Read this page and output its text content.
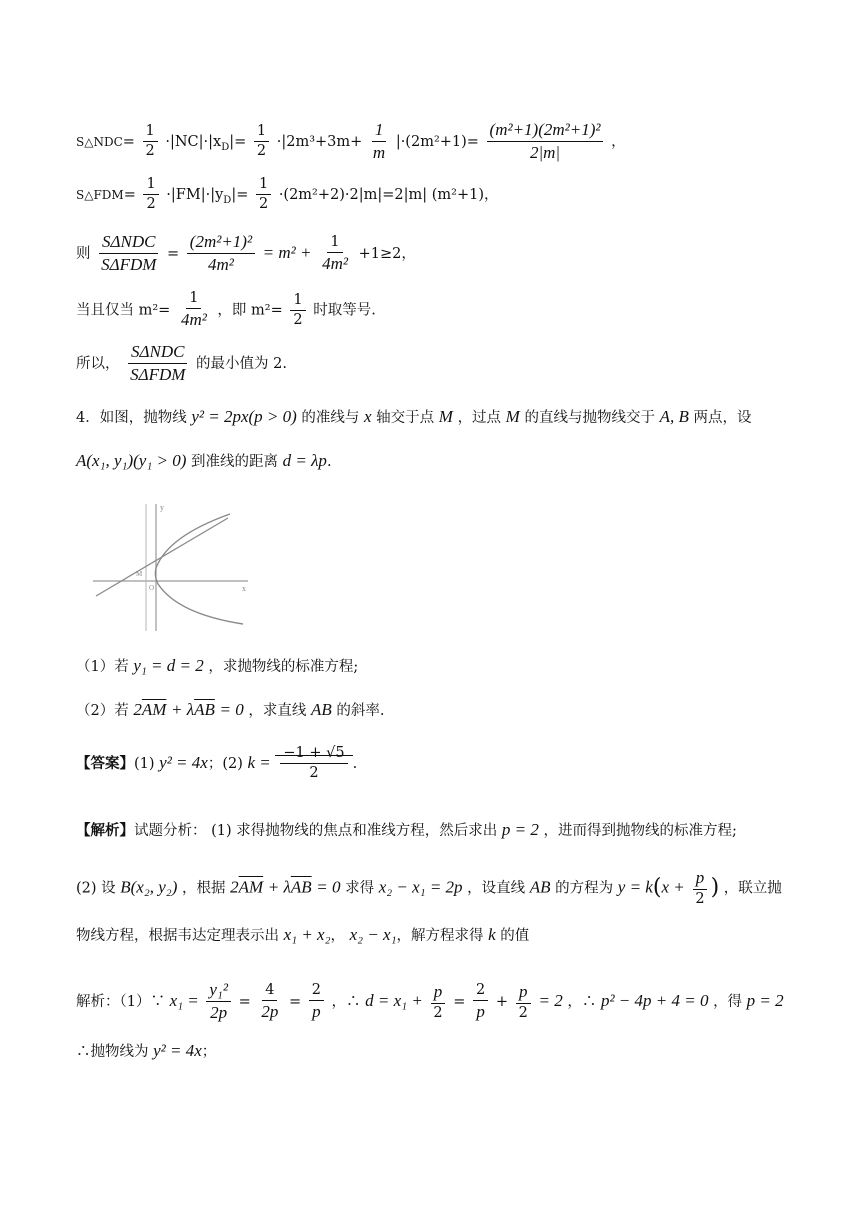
S△NDC= $\frac{1}{2} \cdot|NC|\cdot|x_D|= \frac{1}{2} \cdot|2m^3+3m+ \frac{1}{m} |\cdot(2m^2+1)= \frac{\text{(m²+1)(2m²+1)²}}{2|m|}$ ，
S△FDM= $\frac{1}{2} \cdot|FM|\cdot|y_D|= \frac{1}{2} \cdot(2m^2+2)\cdot 2|m|=2|m|$ (m²+1)，
则 $\frac{\text{SΔNDC}}{\text{SΔFDM}} = \frac{\text{(2m²+1)²}}{\text{4m²}} = m^2 + \frac{1}{\text{4m²}} +1\ge 2$，
当且仅当 $m^2= \frac{1}{\text{4m²}}$ ，即 $m^2= \frac{1}{2}$ 时取等号.
所以， $\frac{\text{SΔNDC}}{\text{SΔFDM}}$ 的最小值为 2.
4．如图，抛物线 y² = 2px(p > 0) 的准线与 x 轴交于点 M ，过点 M 的直线与抛物线交于 A, B 两点，设
A(x₁, y₁)(y₁ > 0) 到准线的距离 d = λp.
x
y
M
O
（1）若 y₁ = d = 2 ，求抛物线的标准方程;
（2）若 $2\overline{AM} + \lambda\overline{AB} = 0$ ，求直线 AB 的斜率.
【答案】(1) y² = 4x；(2) $k = \frac{-1 + √5}{2}$ .
【解析】试题分析： (1) 求得抛物线的焦点和准线方程，然后求出 p = 2 ，进而得到抛物线的标准方程;
(2) 设 B(x₂, y₂) ，根据 $2\overline{AM} + \lambda\overline{AB} = 0$ 求得 x₂ − x₁ = 2p ，设直线 AB 的方程为 $y = k(x + \frac{p}{2}$ ) ，联立抛
物线方程，根据韦达定理表示出 x₁ + x₂， x₂ − x₁，解方程求得 k 的值
解析：（1）∵ $x_1 = \frac{\text{y₁²}}{2p} = \frac{4}{2p} = \frac{2}{p}$ ，∴ $d = x_1 + \frac{p}{2} = \frac{2}{p} + \frac{p}{2} = 2$ ，∴ p² − 4p + 4 = 0 ，得 p = 2
∴抛物线为 y² = 4x；
